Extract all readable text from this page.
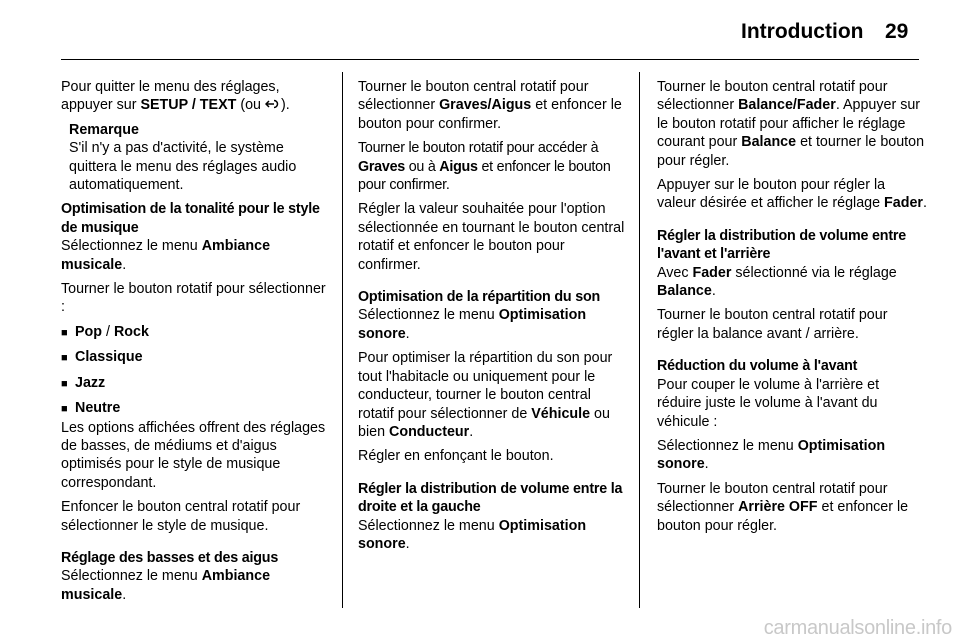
Introduction 29

Pour quitter le menu des réglages, appuyer sur SETUP / TEXT (ou ).

Remarque
S'il n'y a pas d'activité, le système quittera le menu des réglages audio automatiquement.
Optimisation de la tonalité pour le style de musique

Sélectionnez le menu Ambiance musicale.

Tourner le bouton rotatif pour sélectionner :

■ Pop / Rock
■ Classique
■ Jazz
■ Neutre

Les options affichées offrent des réglages de basses, de médiums et d'aigus optimisés pour le style de musique correspondant.

Enfoncer le bouton central rotatif pour sélectionner le style de musique.

Réglage des basses et des aigus

Sélectionnez le menu Ambiance musicale.

Tourner le bouton central rotatif pour sélectionner Graves/Aigus et enfoncer le bouton pour confirmer.

Tourner le bouton rotatif pour accéder à Graves ou à Aigus et enfoncer le bouton pour confirmer.

Régler la valeur souhaitée pour l'option sélectionnée en tournant le bouton central rotatif et enfoncer le bouton pour confirmer.

Optimisation de la répartition du son

Sélectionnez le menu Optimisation sonore.

Pour optimiser la répartition du son pour tout l'habitacle ou uniquement pour le conducteur, tourner le bouton central rotatif pour sélectionner de Véhicule ou bien Conducteur.

Régler en enfonçant le bouton.

Régler la distribution de volume entre la droite et la gauche

Sélectionnez le menu Optimisation sonore.

Tourner le bouton central rotatif pour sélectionner Balance/Fader. Appuyer sur le bouton rotatif pour afficher le réglage courant pour Balance et tourner le bouton pour régler.

Appuyer sur le bouton pour régler la valeur désirée et afficher le réglage Fader.

Régler la distribution de volume entre l'avant et l'arrière

Avec Fader sélectionné via le réglage Balance.

Tourner le bouton central rotatif pour régler la balance avant / arrière.

Réduction du volume à l'avant

Pour couper le volume à l'arrière et réduire juste le volume à l'avant du véhicule :

Sélectionnez le menu Optimisation sonore.

Tourner le bouton central rotatif pour sélectionner Arrière OFF et enfoncer le bouton pour régler.

carmanualsonline.info
